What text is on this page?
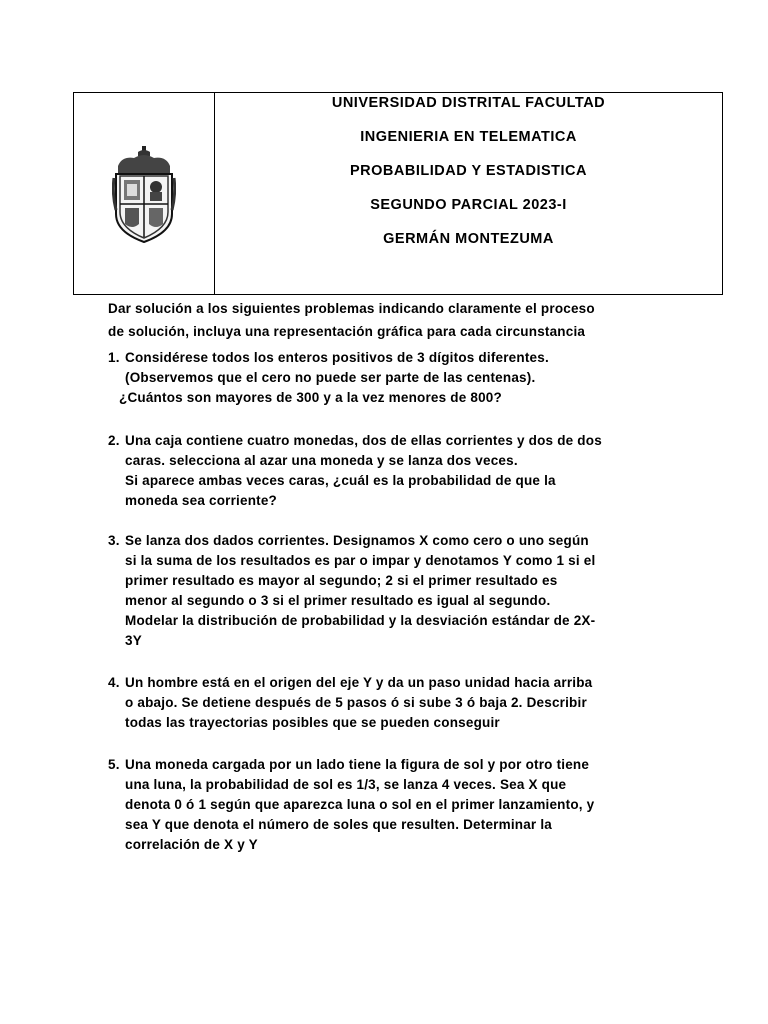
UNIVERSIDAD DISTRITAL FACULTAD
INGENIERIA EN TELEMATICA
PROBABILIDAD Y ESTADISTICA
SEGUNDO PARCIAL 2023-I
GERMÁN MONTEZUMA
Dar solución a los siguientes problemas indicando claramente el proceso
de solución, incluya una representación gráfica para cada circunstancia
1. Considérese todos los enteros positivos de 3 dígitos diferentes.
(Observemos que el cero no puede ser parte de las centenas).
¿Cuántos son mayores de 300 y a la vez menores de 800?
2. Una caja contiene cuatro monedas, dos de ellas corrientes y dos de dos
caras. selecciona al azar una moneda y se lanza dos veces.
Si aparece ambas veces caras, ¿cuál es la probabilidad de que la
moneda sea corriente?
3. Se lanza dos dados corrientes. Designamos X como cero o uno según
si la suma de los resultados es par o impar y denotamos Y como 1 si el
primer resultado es mayor al segundo; 2 si el primer resultado es
menor al segundo o 3 si el primer resultado es igual al segundo.
Modelar la distribución de probabilidad y la desviación estándar de 2X-
3Y
4. Un hombre está en el origen del eje Y y da un paso unidad hacia arriba
o abajo. Se detiene después de 5 pasos ó si sube 3 ó baja 2. Describir
todas las trayectorias posibles que se pueden conseguir
5. Una moneda cargada por un lado tiene la figura de sol y por otro tiene
una luna, la probabilidad de sol es 1/3, se lanza 4 veces. Sea X que
denota 0 ó 1 según que aparezca luna o sol en el primer lanzamiento, y
sea Y que denota el número de soles que resulten. Determinar la
correlación de X y Y
